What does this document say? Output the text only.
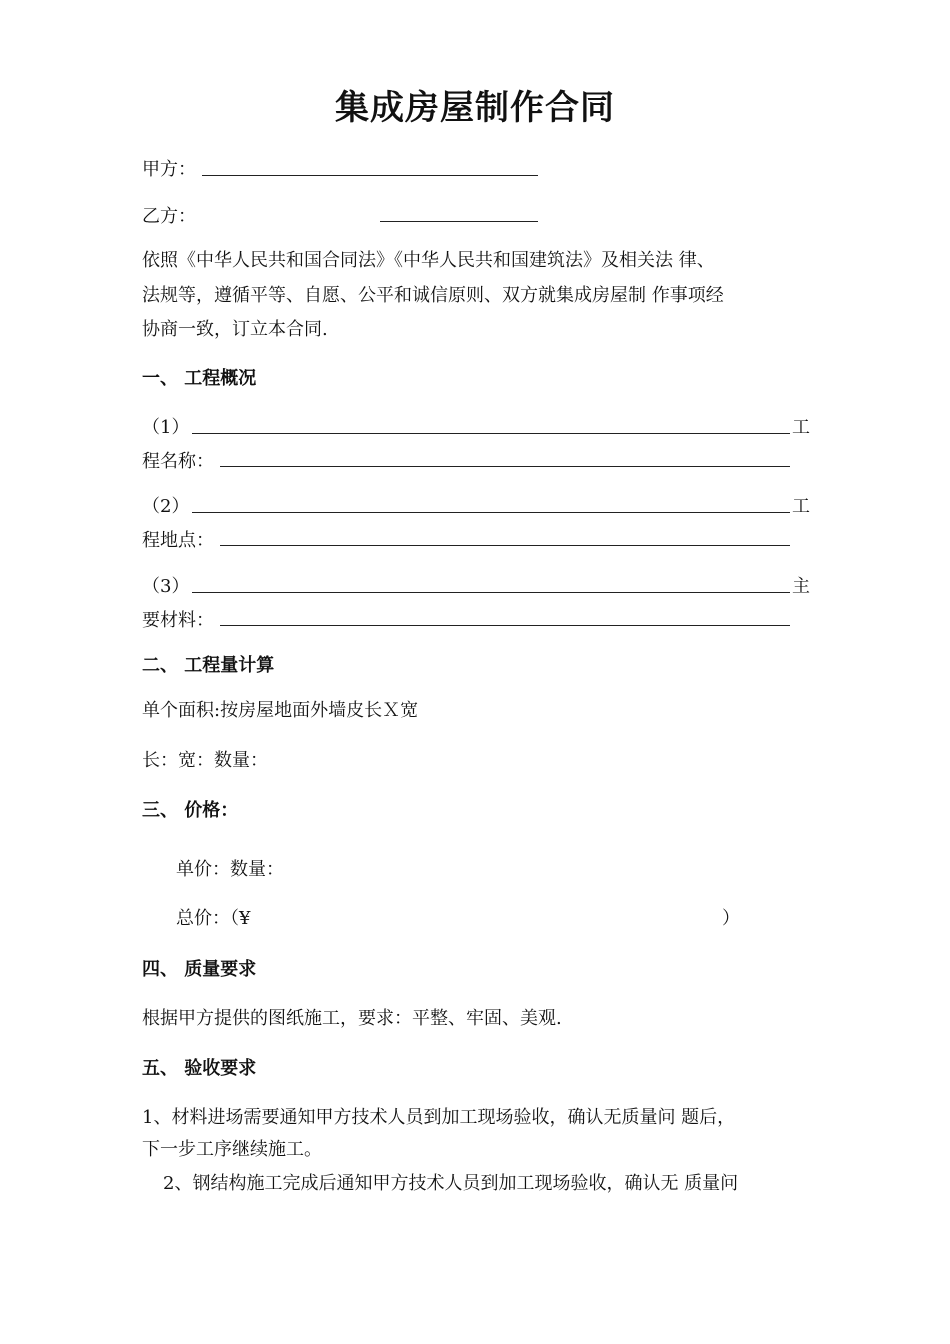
集成房屋制作合同
甲方：
乙方：
依照《中华人民共和国合同法》《中华人民共和国建筑法》及相关法 律、
法规等，遵循平等、自愿、公平和诚信原则、双方就集成房屋制 作事项经
协商一致，订立本合同.
一、 工程概况
（1）	工
程名称：
（2）	工
程地点：
（3）	主
要材料：
二、 工程量计算
单个面积:按房屋地面外墙皮长Ｘ宽
长：宽：数量：
三、 价格：
单价：数量：
总价：（¥	）
四、 质量要求
根据甲方提供的图纸施工，要求：平整、牢固、美观.
五、 验收要求
1、材料进场需要通知甲方技术人员到加工现场验收，确认无质量问 题后，
下一步工序继续施工。
2、钢结构施工完成后通知甲方技术人员到加工现场验收，确认无 质量问
